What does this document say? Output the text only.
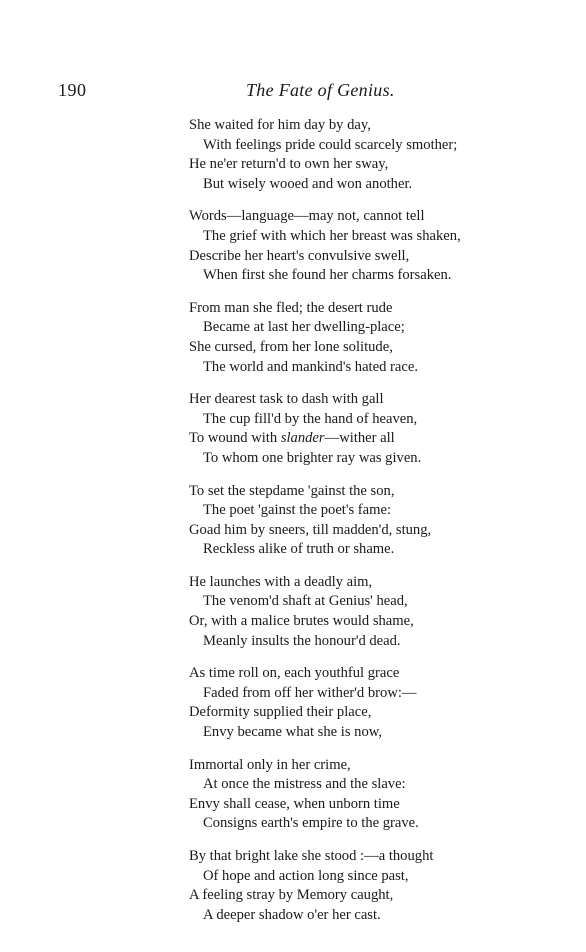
190	The Fate of Genius.
She waited for him day by day,
With feelings pride could scarcely smother;
He ne'er return'd to own her sway,
But wisely wooed and won another.
Words—language—may not, cannot tell
The grief with which her breast was shaken,
Describe her heart's convulsive swell,
When first she found her charms forsaken.
From man she fled; the desert rude
Became at last her dwelling-place;
She cursed, from her lone solitude,
The world and mankind's hated race.
Her dearest task to dash with gall
The cup fill'd by the hand of heaven,
To wound with slander—wither all
To whom one brighter ray was given.
To set the stepdame 'gainst the son,
The poet 'gainst the poet's fame:
Goad him by sneers, till madden'd, stung,
Reckless alike of truth or shame.
He launches with a deadly aim,
The venom'd shaft at Genius' head,
Or, with a malice brutes would shame,
Meanly insults the honour'd dead.
As time roll on, each youthful grace
Faded from off her wither'd brow:—
Deformity supplied their place,
Envy became what she is now,
Immortal only in her crime,
At once the mistress and the slave:
Envy shall cease, when unborn time
Consigns earth's empire to the grave.
By that bright lake she stood :—a thought
Of hope and action long since past,
A feeling stray by Memory caught,
A deeper shadow o'er her cast.
